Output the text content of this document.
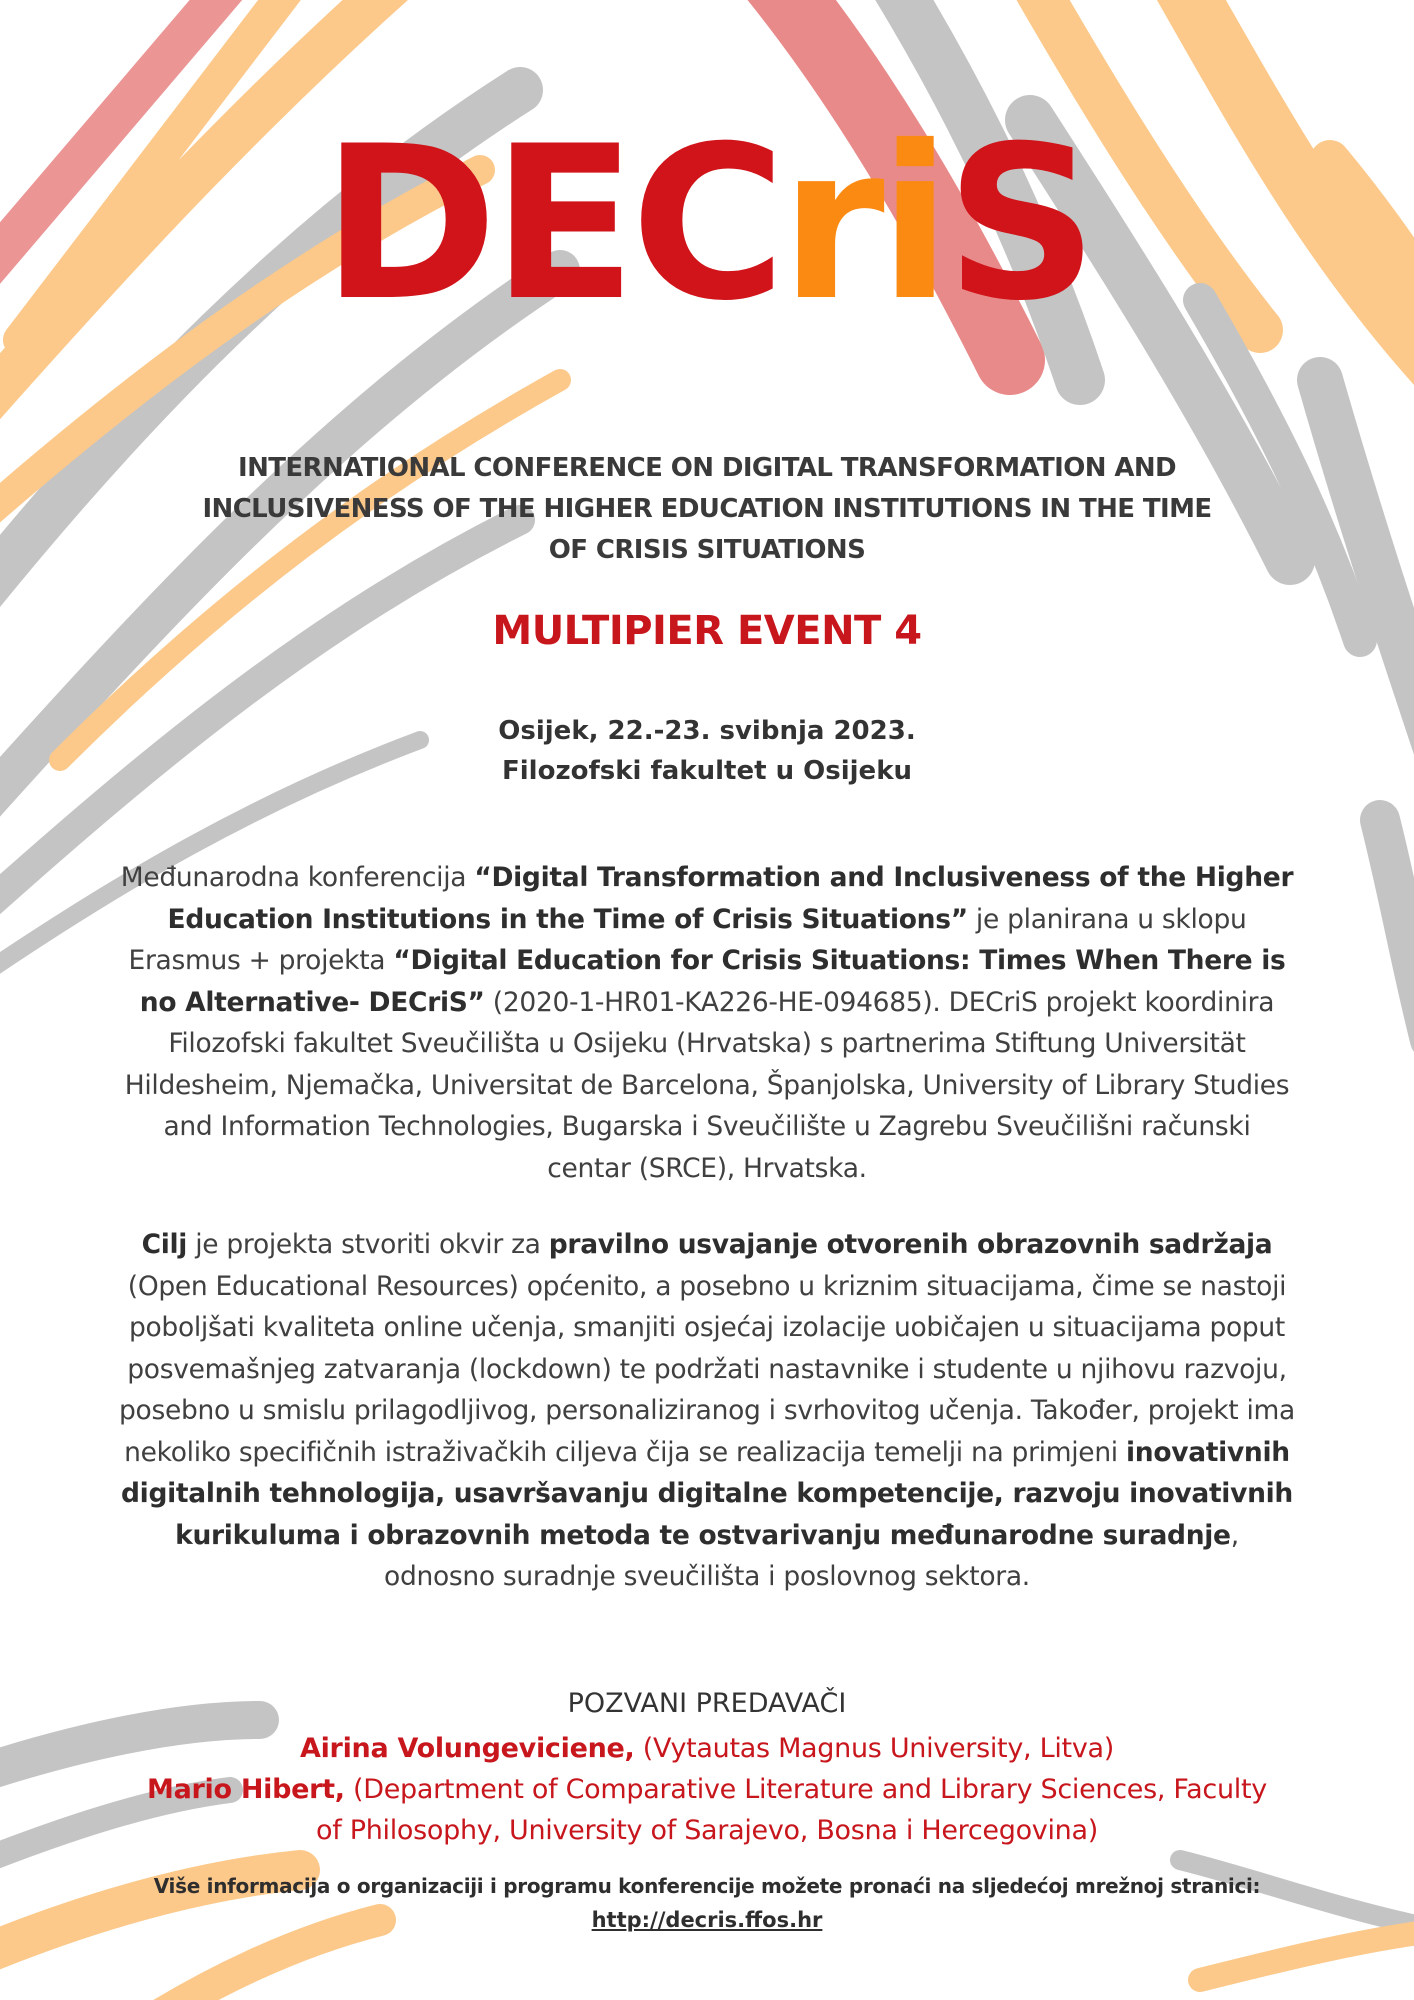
DECriS
INTERNATIONAL CONFERENCE ON DIGITAL TRANSFORMATION AND
INCLUSIVENESS OF THE HIGHER EDUCATION INSTITUTIONS IN THE TIME
OF CRISIS SITUATIONS
MULTIPIER EVENT 4
Osijek, 22.-23. svibnja 2023.
Filozofski fakultet u Osijeku
Međunarodna konferencija “Digital Transformation and Inclusiveness of the Higher Education Institutions in the Time of Crisis Situations” je planirana u sklopu Erasmus + projekta “Digital Education for Crisis Situations: Times When There is no Alternative- DECriS” (2020-1-HR01-KA226-HE-094685). DECriS projekt koordinira Filozofski fakultet Sveučilišta u Osijeku (Hrvatska) s partnerima Stiftung Universität Hildesheim, Njemačka, Universitat de Barcelona, Španjolska, University of Library Studies and Information Technologies, Bugarska i Sveučilište u Zagrebu Sveučilišni računski centar (SRCE), Hrvatska.
Cilj je projekta stvoriti okvir za pravilno usvajanje otvorenih obrazovnih sadržaja (Open Educational Resources) općenito, a posebno u kriznim situacijama, čime se nastoji poboljšati kvaliteta online učenja, smanjiti osjećaj izolacije uobičajen u situacijama poput posvemašnjeg zatvaranja (lockdown) te podržati nastavnike i studente u njihovu razvoju, posebno u smislu prilagodljivog, personaliziranog i svrhovitog učenja. Također, projekt ima nekoliko specifičnih istraživačkih ciljeva čija se realizacija temelji na primjeni inovativnih digitalnih tehnologija, usavršavanju digitalne kompetencije, razvoju inovativnih kurikuluma i obrazovnih metoda te ostvarivanju međunarodne suradnje, odnosno suradnje sveučilišta i poslovnog sektora.
POZVANI PREDAVAČI
Airina Volungeviciene, (Vytautas Magnus University, Litva)
Mario Hibert, (Department of Comparative Literature and Library Sciences, Faculty of Philosophy, University of Sarajevo, Bosna i Hercegovina)
Više informacija o organizaciji i programu konferencije možete pronaći na sljedećoj mrežnoj stranici:
http://decris.ffos.hr
